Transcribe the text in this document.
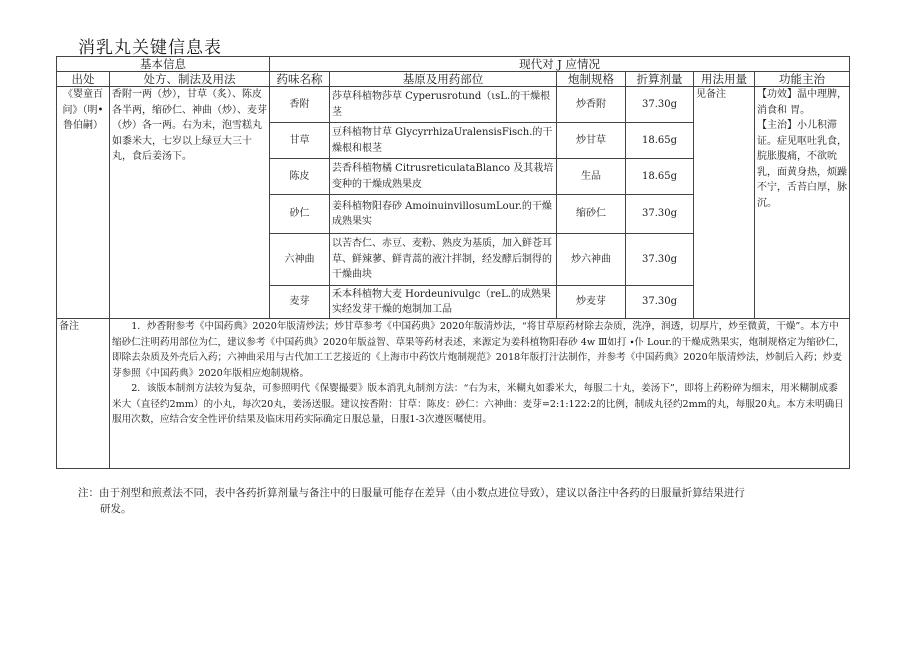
消乳丸关键信息表
基本信息		现代对 J 应情况					
出处	处方、制法及用法	药味名称	基原及用药部位	炮制规格	折算剂量	用法用量	功能主治
《婴童百问》（明•鲁伯嗣）	香附一两（炒），甘草（炙）、陈皮各半两，缩砂仁、神曲（炒）、麦芽（炒）各一两。右为末，泡雪糕丸如黍米大，七岁以上绿豆大三十丸，食后姜汤下。	香附	莎草科植物莎草 Cyperusrotund（ιsL.的干燥根茎	炒香附	37.30g	见备注	【功效】温中理脾，消食和 胃。

【主治】小儿积滞证。症见呕吐乳食，脘胀腹痛，不欲吮乳，面黄身热，烦躁不宁，舌苔白厚，脉沉。

		甘草	豆科植物甘草 GlycyrrhizaUralensisFisch.的干燥根和根茎	炒甘草	18.65g		
		陈皮	芸香科植物橘 CitrusreticulataBlanco 及其栽培变种的干燥成熟果皮	生品	18.65g		
		砂仁	姜科植物阳春砂 AmoinuinvillosumLour.的干燥成熟果实	缩砂仁	37.30g		
		六神曲	以苦杏仁、赤豆、麦粉、熟皮为基质，加入鲜苍耳草、鲜辣蓼、鲜青蒿的液汁拌制，经发酵后制得的干燥曲块	炒六神曲	37.30g		
		麦芽	禾本科植物大麦 Hordeunivulgc（reL.的成熟果实经发芽干燥的炮制加工品	炒麦芽	37.30g		
备注	1．炒香附参考《中国药典》2020年版清炒法；炒甘草参考《中国药典》2020年版清炒法，“将甘草原药材除去杂质，洗净，润透，切厚片，炒至微黄，干燥”。本方中缩砂仁注明药用部位为仁，建议参考《中国药典》2020年版益智、草果等药材表述，来源定为姜科植物阳春砂 4w Ⅲ如打 ∙仆 Lour.的干燥成熟果实，炮制规格定为缩砂仁，即除去杂质及外壳后入药；六神曲采用与古代加工工艺接近的《上海市中药饮片炮制规范》2018年版打汁法制作，并参考《中国药典》2020年版清炒法，炒制后入药；炒麦芽参照《中国药典》2020年版相应炮制规格。

2．该版本制剂方法较为复杂，可参照明代《保婴撮要》版本消乳丸制剂方法：“右为末，米糊丸如黍米大，每服二十丸，姜汤下”，即将上药粉碎为细末，用米糊制成黍米大（直径约2mm）的小丸，每次20丸，姜汤送服。建议按香附：甘草：陈皮：砂仁：六神曲：麦芽=2:1:122:2的比例，制成丸径约2mm的丸，每服20丸。本方未明确日服用次数，应结合安全性评价结果及临床用药实际确定日服总量，日服1-3次遵医嘱使用。						

注：由于剂型和煎煮法不同，表中各药折算剂量与备注中的日服量可能存在差异（由小数点进位导致），建议以备注中各药的日服量折算结果进行
研发。
